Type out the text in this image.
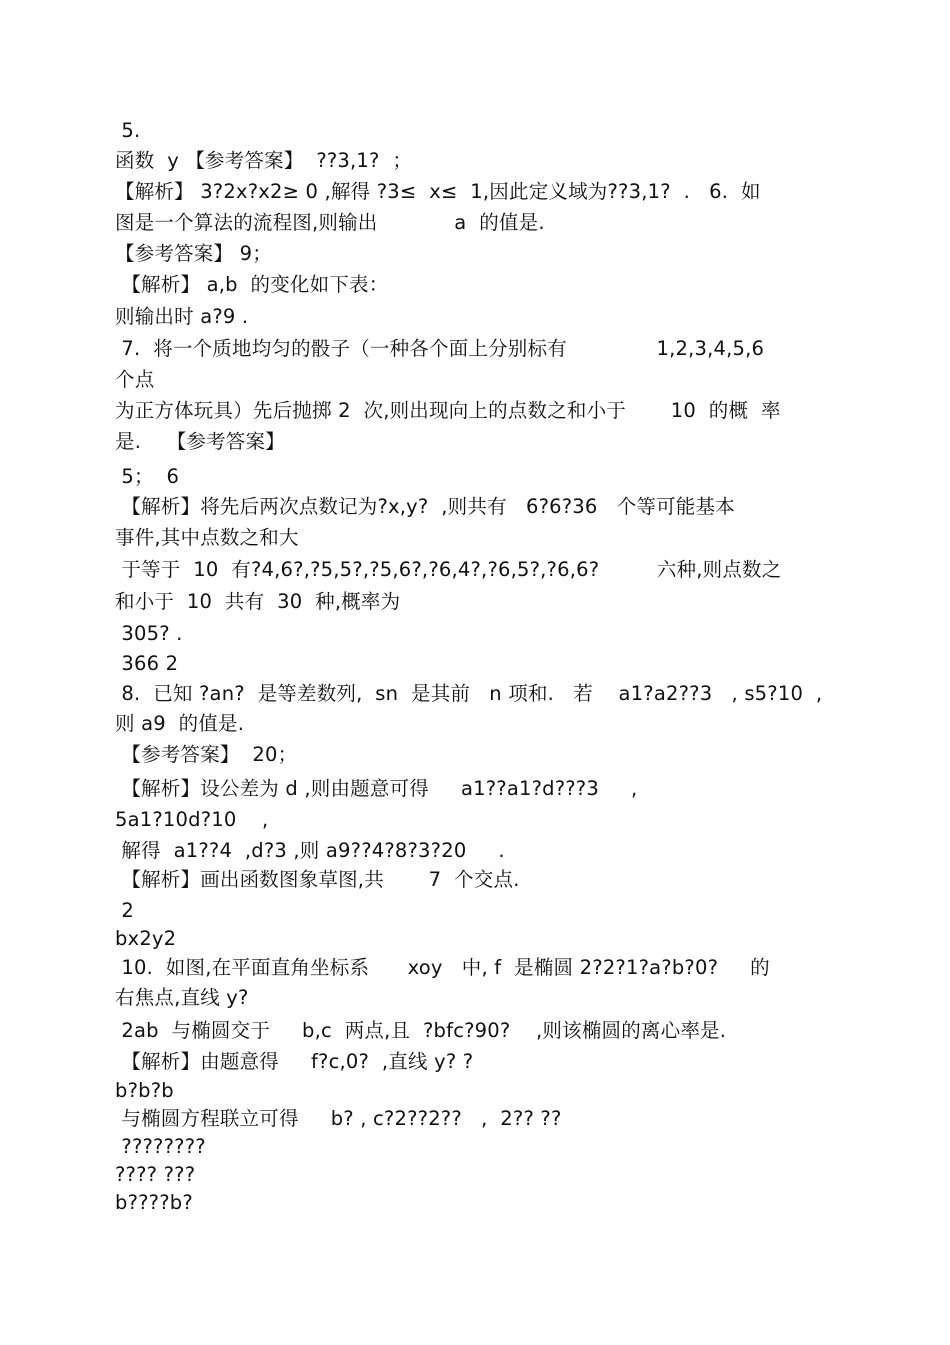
5.
函数  y 【参考答案】  ??3,1?  ；
【解析】 3?2x?x2≥ 0 ,解得 ?3≤  x≤  1,因此定义域为??3,1?  .   6.  如
图是一个算法的流程图,则输出            a  的值是.
【参考答案】 9；
【解析】 a,b  的变化如下表：
则输出时 a?9 .
7.  将一个质地均匀的骰子（一种各个面上分别标有              1,2,3,4,5,6
个点
为正方体玩具）先后抛掷 2  次,则出现向上的点数之和小于       10  的概  率
是.    【参考答案】
5；  6
【解析】将先后两次点数记为?x,y?  ,则共有   6?6?36   个等可能基本
事件,其中点数之和大
于等于  10  有?4,6?,?5,5?,?5,6?,?6,4?,?6,5?,?6,6?         六种,则点数之
和小于  10  共有  30  种,概率为
305? .
366 2
8.  已知 ?an?  是等差数列,  sn  是其前   n 项和.   若    a1?a2??3   , s5?10  ,
则 a9  的值是.
【参考答案】  20；
【解析】设公差为 d ,则由题意可得     a1??a1?d???3     ,
5a1?10d?10    ,
解得  a1??4  ,d?3 ,则 a9??4?8?3?20     .
【解析】画出函数图象草图,共       7  个交点.
2
bx2y2
10.  如图,在平面直角坐标系      xoy   中, f  是椭圆 2?2?1?a?b?0?     的
右焦点,直线 y?
2ab  与椭圆交于     b,c  两点,且  ?bfc?90?    ,则该椭圆的离心率是.
【解析】由题意得     f?c,0?  ,直线 y? ?
b?b?b
与椭圆方程联立可得     b? , c?2??2??   ,  2?? ??
????????
???? ???
b????b?
